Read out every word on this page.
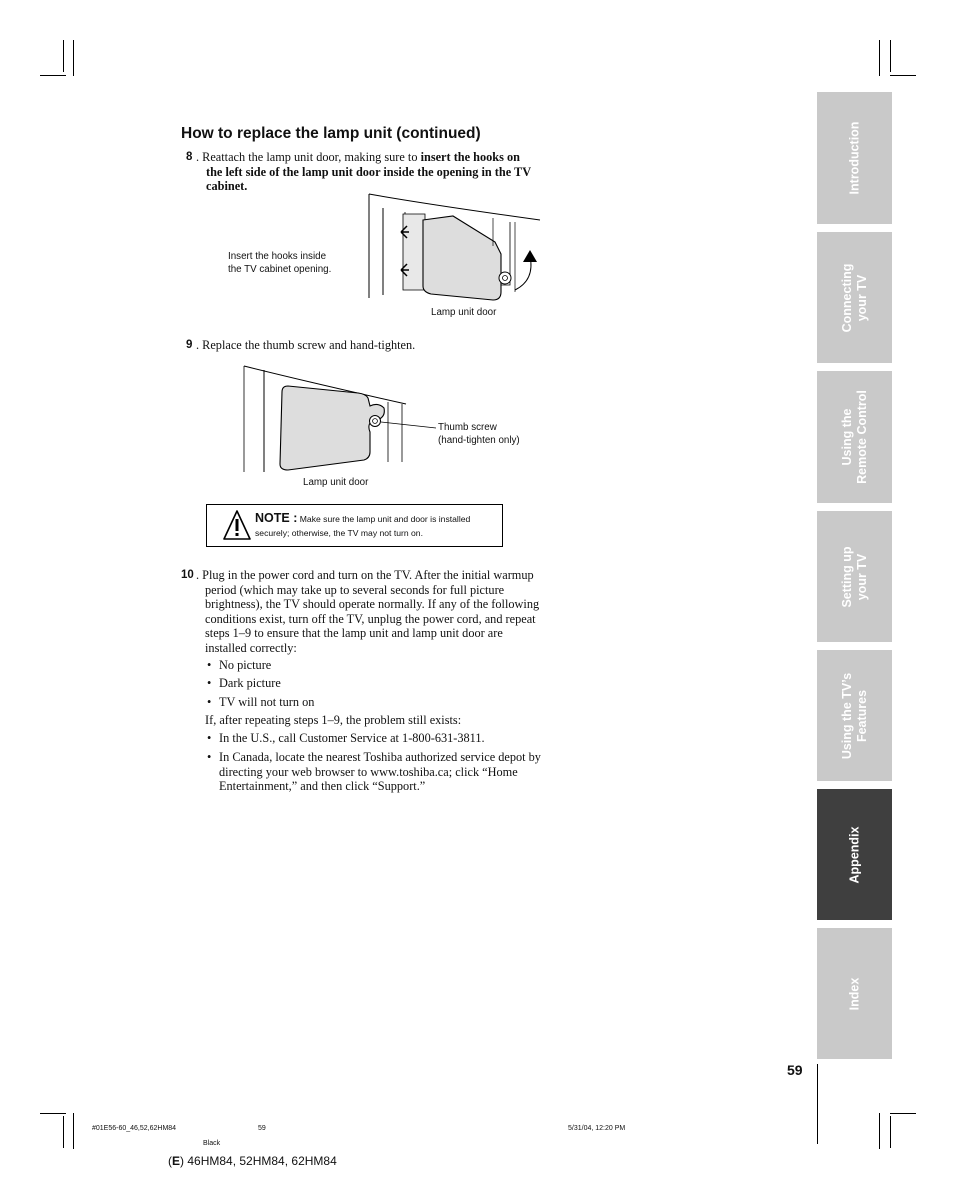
How to replace the lamp unit (continued)
8 . Reattach the lamp unit door, making sure to insert the hooks on
the left side of the lamp unit door inside the opening in the TV
cabinet.
Insert the hooks inside
the TV cabinet opening.
Lamp unit door
9 . Replace the thumb screw and hand-tighten.
Thumb screw
(hand-tighten only)
Lamp unit door
NOTE : Make sure the lamp unit and door is installed
securely; otherwise, the TV may not turn on.
10 . Plug in the power cord and turn on the TV. After the initial warmup
period (which may take up to several seconds for full picture
brightness), the TV should operate normally. If any of the following
conditions exist, turn off the TV, unplug the power cord, and repeat
steps 1–9 to ensure that the lamp unit and lamp unit door are
installed correctly:
• No picture
• Dark picture
• TV will not turn on
If, after repeating steps 1–9, the problem still exists:
• In the U.S., call Customer Service at 1-800-631-3811.
• In Canada, locate the nearest Toshiba authorized service depot by
directing your web browser to www.toshiba.ca; click “Home
Entertainment,” and then click “Support.”
Introduction
Connecting your TV
Using the Remote Control
Setting up your TV
Using the TV’s Features
Appendix
Index
59
#01E56-60_46,52,62HM84	59	5/31/04, 12:20 PM
Black
(E) 46HM84, 52HM84, 62HM84
